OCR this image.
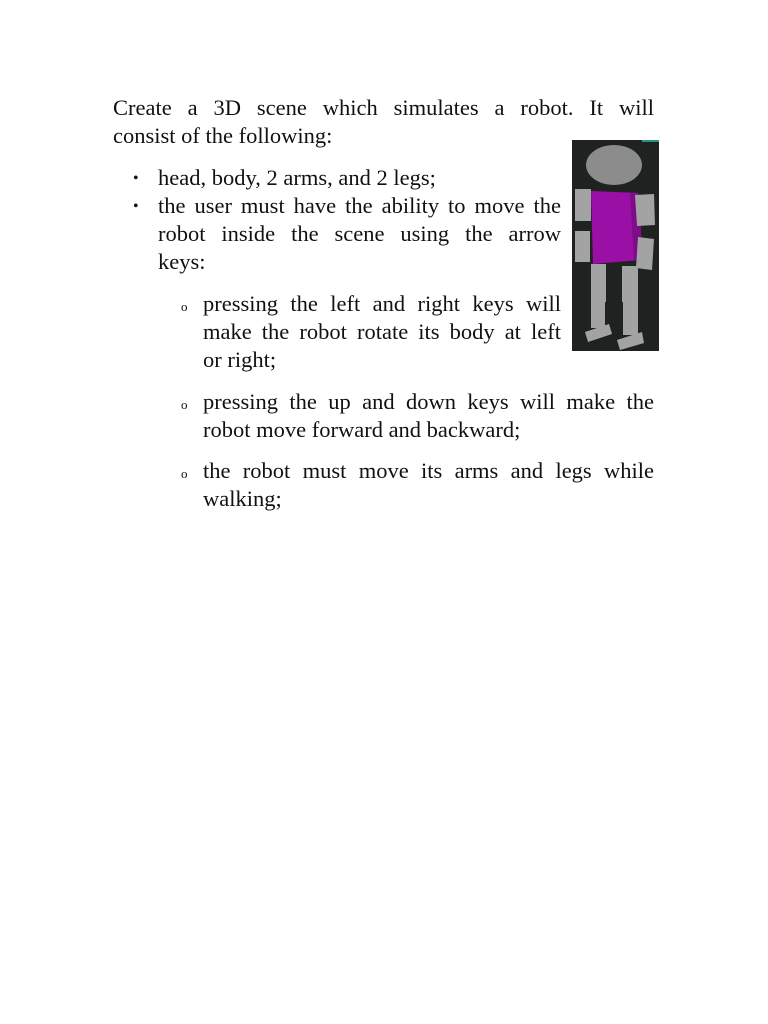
Create a 3D scene which simulates a robot. It will
consist of the following:
• head, body, 2 arms, and 2 legs;
• the user must have the ability to move the
robot inside the scene using the arrow
keys:
o pressing the left and right keys will
make the robot rotate its body at left
or right;
o pressing the up and down keys will make the
robot move forward and backward;
o the robot must move its arms and legs while
walking;
